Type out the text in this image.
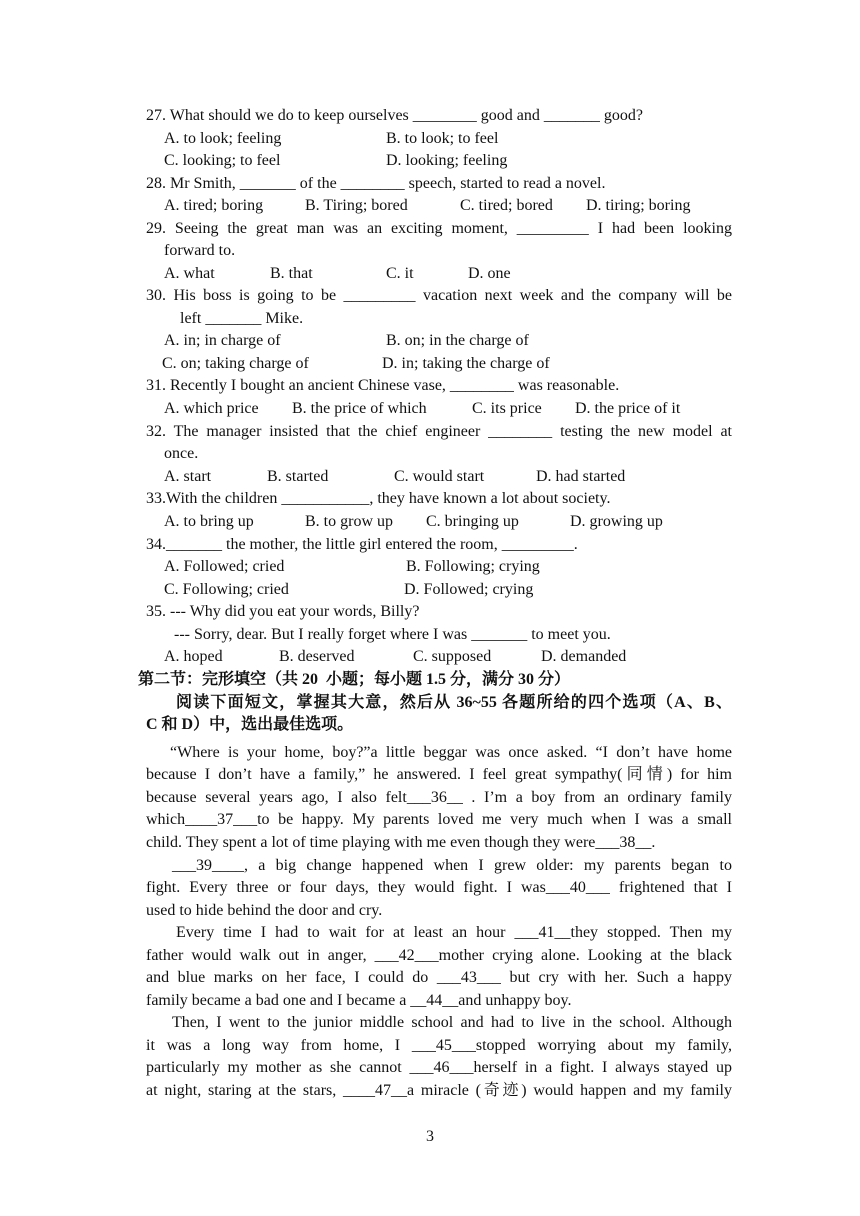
27. What should we do to keep ourselves ________ good and _______ good?
A. to look; feeling	B. to look; to feel
C. looking; to feel	D. looking; feeling
28. Mr Smith, _______ of the ________ speech, started to read a novel.
A. tired; boring	B. Tiring; bored	C. tired; bored D. tiring; boring
29. Seeing the great man was an exciting moment, _________ I had been looking
forward to.
A. what	B. that	C. it	D. one
30. His boss is going to be _________ vacation next week and the company will be
left _______ Mike.
A. in; in charge of	B. on; in the charge of
C. on; taking charge of	D. in; taking the charge of
31. Recently I bought an ancient Chinese vase, ________ was reasonable.
A. which price B. the price of which	C. its price D. the price of it
32. The manager insisted that the chief engineer ________ testing the new model at
once.
A. start	B. started	C. would start	D. had started
33.With the children ___________, they have known a lot about society.
A. to bring up	B. to grow up C. bringing up	D. growing up
34._______ the mother, the little girl entered the room, _________.
A. Followed; cried	B. Following; crying
C. Following; cried	D. Followed; crying
35. --- Why did you eat your words, Billy?
--- Sorry, dear. But I really forget where I was _______ to meet you.
A. hoped	B. deserved	C. supposed	D. demanded
第二节：完形填空（共 20  小题；每小题 1.5 分，满分 30 分）
阅读下面短文，掌握其大意，然后从 36~55 各题所给的四个选项（A、B、
C 和 D）中，选出最佳选项。
“Where is your home, boy?”a little beggar was once asked. “I don’t have home
because I don’t have a family,” he answered. I feel great sympathy(同情) for him
because several years ago, I also felt___36__ . I’m a boy from an ordinary family
which____37___to be happy. My parents loved me very much when I was a small
child. They spent a lot of time playing with me even though they were___38__.
___39____, a big change happened when I grew older: my parents began to
fight. Every three or four days, they would fight. I was___40___ frightened that I
used to hide behind the door and cry.
Every time I had to wait for at least an hour ___41__they stopped. Then my
father would walk out in anger, ___42___mother crying alone. Looking at the black
and blue marks on her face, I could do ___43___ but cry with her. Such a happy
family became a bad one and I became a __44__and unhappy boy.
Then, I went to the junior middle school and had to live in the school. Although
it was a long way from home, I ___45___stopped worrying about my family,
particularly my mother as she cannot ___46___herself in a fight. I always stayed up
at night, staring at the stars, ____47__a miracle (奇迹) would happen and my family
3
